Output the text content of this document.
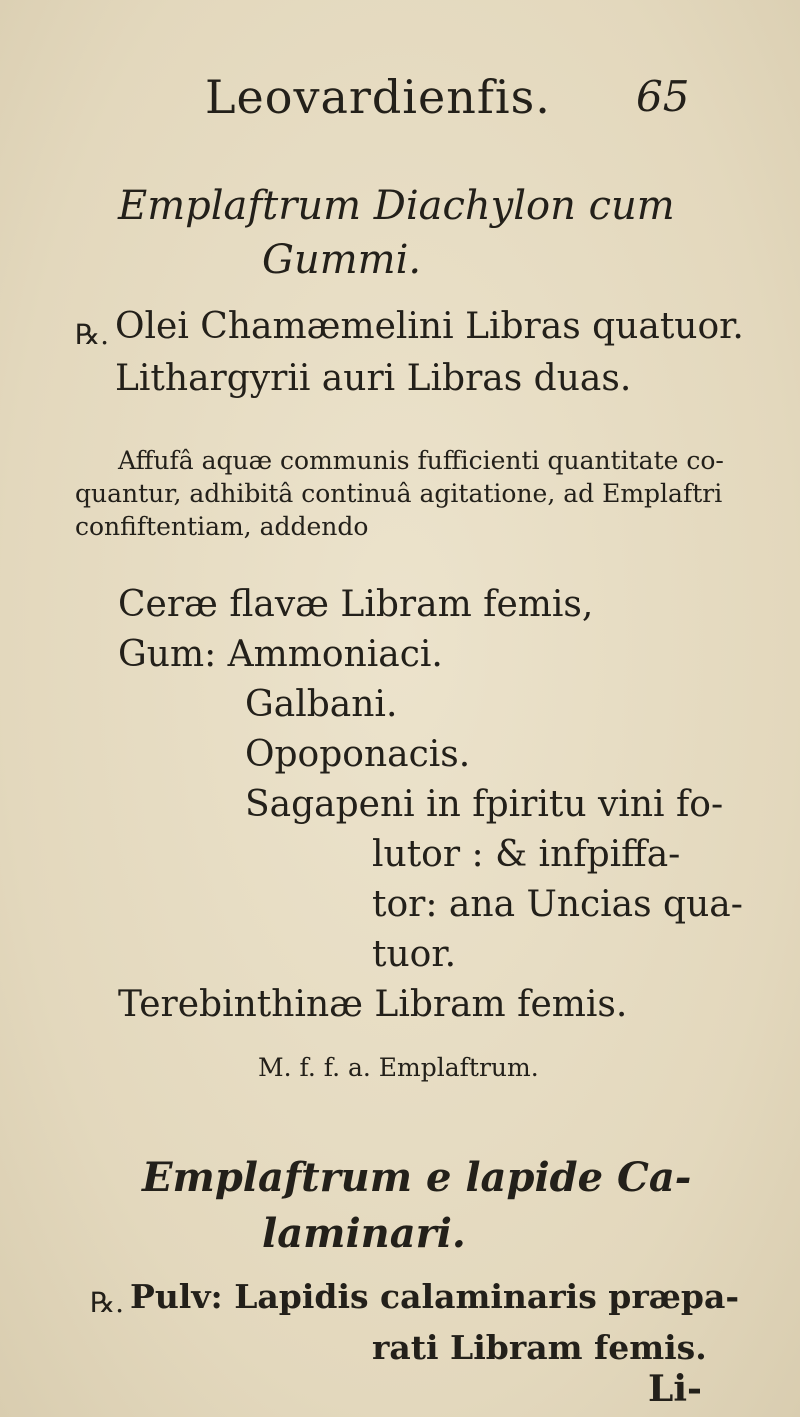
Leovardienfis. 65
Emplaftrum Diachylon cum
Gummi.
℞. Olei Chamæmelini Libras quatuor.
Lithargyrii auri Libras duas.
Affufâ aquæ communis fufficienti quantitate co-
quantur, adhibitâ continuâ agitatione, ad Emplaftri
confiftentiam, addendo
Ceræ flavæ Libram femis,
Gum: Ammoniaci.
Galbani.
Opoponacis.
Sagapeni in fpiritu vini fo-
lutor : & infpiffa-
tor: ana Uncias qua-
tuor.
Terebinthinæ Libram femis.
M. f. f. a. Emplaftrum.
Emplaftrum e lapide Ca-
laminari.
℞. Pulv: Lapidis calaminaris præpa-
rati Libram femis.
Li-
